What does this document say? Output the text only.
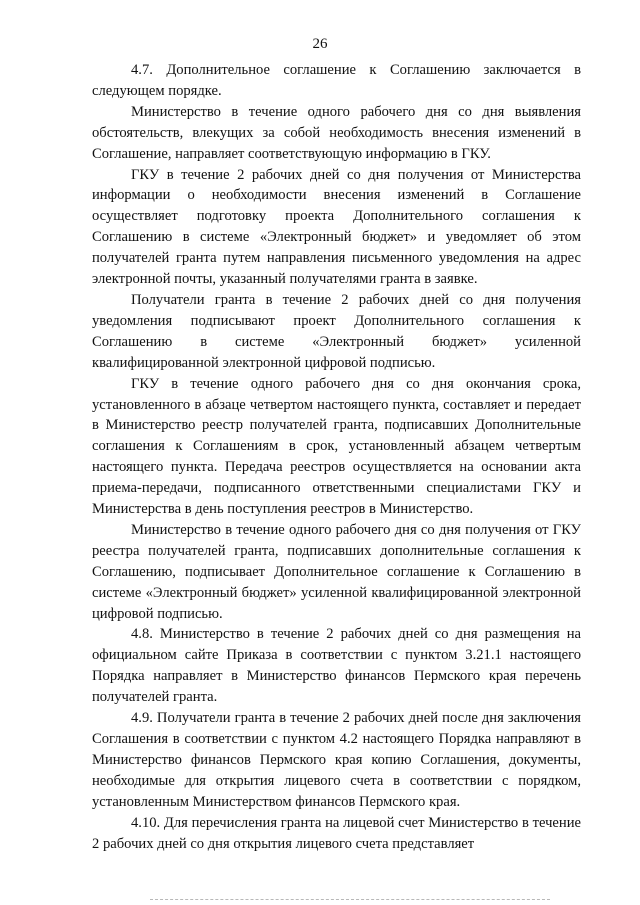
26

4.7. Дополнительное соглашение к Соглашению заключается в следующем порядке.

Министерство в течение одного рабочего дня со дня выявления обстоятельств, влекущих за собой необходимость внесения изменений в Соглашение, направляет соответствующую информацию в ГКУ.

ГКУ в течение 2 рабочих дней со дня получения от Министерства информации о необходимости внесения изменений в Соглашение осуществляет подготовку проекта Дополнительного соглашения к Соглашению в системе «Электронный бюджет» и уведомляет об этом получателей гранта путем направления письменного уведомления на адрес электронной почты, указанный получателями гранта в заявке.

Получатели гранта в течение 2 рабочих дней со дня получения уведомления подписывают проект Дополнительного соглашения к Соглашению в системе «Электронный бюджет» усиленной квалифицированной электронной цифровой подписью.

ГКУ в течение одного рабочего дня со дня окончания срока, установленного в абзаце четвертом настоящего пункта, составляет и передает в Министерство реестр получателей гранта, подписавших Дополнительные соглашения к Соглашениям в срок, установленный абзацем четвертым настоящего пункта. Передача реестров осуществляется на основании акта приема-передачи, подписанного ответственными специалистами ГКУ и Министерства в день поступления реестров в Министерство.

Министерство в течение одного рабочего дня со дня получения от ГКУ реестра получателей гранта, подписавших дополнительные соглашения к Соглашению, подписывает Дополнительное соглашение к Соглашению в системе «Электронный бюджет» усиленной квалифицированной электронной цифровой подписью.

4.8. Министерство в течение 2 рабочих дней со дня размещения на официальном сайте Приказа в соответствии с пунктом 3.21.1 настоящего Порядка направляет в Министерство финансов Пермского края перечень получателей гранта.

4.9. Получатели гранта в течение 2 рабочих дней после дня заключения Соглашения в соответствии с пунктом 4.2 настоящего Порядка направляют в Министерство финансов Пермского края копию Соглашения, документы, необходимые для открытия лицевого счета в соответствии с порядком, установленным Министерством финансов Пермского края.

4.10. Для перечисления гранта на лицевой счет Министерство в течение 2 рабочих дней со дня открытия лицевого счета представляет
